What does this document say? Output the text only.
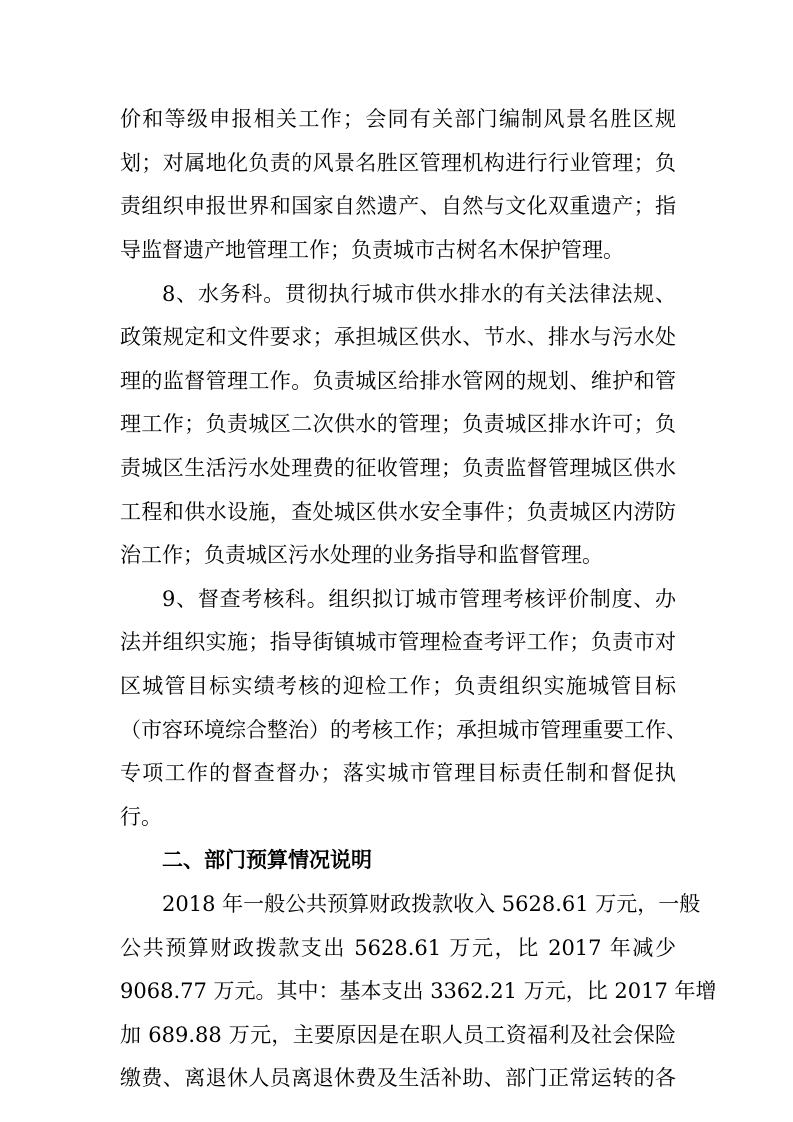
价和等级申报相关工作；会同有关部门编制风景名胜区规

划；对属地化负责的风景名胜区管理机构进行行业管理；负

责组织申报世界和国家自然遗产、自然与文化双重遗产；指

导监督遗产地管理工作；负责城市古树名木保护管理。

8、水务科。贯彻执行城市供水排水的有关法律法规、

政策规定和文件要求；承担城区供水、节水、排水与污水处

理的监督管理工作。负责城区给排水管网的规划、维护和管

理工作；负责城区二次供水的管理；负责城区排水许可；负

责城区生活污水处理费的征收管理；负责监督管理城区供水

工程和供水设施，查处城区供水安全事件；负责城区内涝防

治工作；负责城区污水处理的业务指导和监督管理。

9、督查考核科。组织拟订城市管理考核评价制度、办

法并组织实施；指导街镇城市管理检查考评工作；负责市对

区城管目标实绩考核的迎检工作；负责组织实施城管目标

（市容环境综合整治）的考核工作；承担城市管理重要工作、

专项工作的督查督办；落实城市管理目标责任制和督促执

行。

二、部门预算情况说明

2018 年一般公共预算财政拨款收入 5628.61 万元，一般

公共预算财政拨款支出 5628.61 万元，比 2017 年减少

9068.77 万元。其中：基本支出 3362.21 万元，比 2017 年增

加 689.88 万元，主要原因是在职人员工资福利及社会保险

缴费、离退休人员离退休费及生活补助、部门正常运转的各
